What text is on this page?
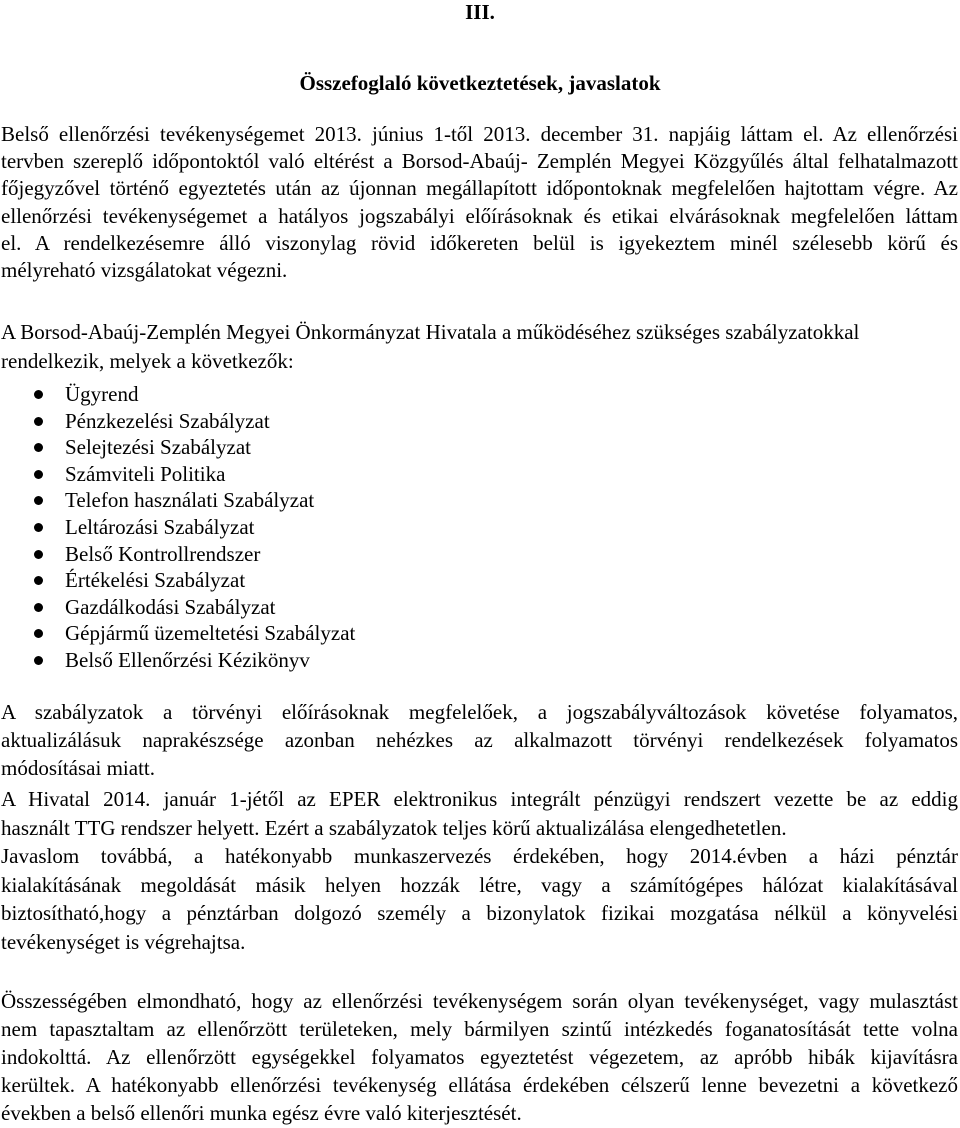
III.
Összefoglaló következtetések, javaslatok
Belső ellenőrzési tevékenységemet 2013. június 1-től 2013. december 31. napjáig láttam el. Az ellenőrzési
tervben szereplő időpontoktól való eltérést a Borsod-Abaúj- Zemplén Megyei Közgyűlés által felhatalmazott
főjegyzővel történő egyeztetés után az újonnan megállapított időpontoknak megfelelően hajtottam végre. Az
ellenőrzési tevékenységemet a hatályos jogszabályi előírásoknak és etikai elvárásoknak megfelelően láttam
el. A rendelkezésemre álló viszonylag rövid időkereten belül is igyekeztem minél szélesebb körű és
mélyreható vizsgálatokat végezni.
A Borsod-Abaúj-Zemplén Megyei Önkormányzat Hivatala a működéséhez szükséges szabályzatokkal
rendelkezik, melyek a következők:
Ügyrend
Pénzkezelési Szabályzat
Selejtezési Szabályzat
Számviteli Politika
Telefon használati Szabályzat
Leltározási Szabályzat
Belső Kontrollrendszer
Értékelési Szabályzat
Gazdálkodási Szabályzat
Gépjármű üzemeltetési Szabályzat
Belső Ellenőrzési Kézikönyv
A szabályzatok a törvényi előírásoknak megfelelőek, a jogszabályváltozások követése folyamatos,
aktualizálásuk naprakészsége azonban nehézkes az alkalmazott törvényi rendelkezések folyamatos
módosításai miatt.
A Hivatal 2014. január 1-jétől az EPER elektronikus integrált pénzügyi rendszert vezette be az eddig
használt TTG rendszer helyett. Ezért a szabályzatok teljes körű aktualizálása elengedhetetlen.
Javaslom továbbá, a hatékonyabb munkaszervezés érdekében, hogy 2014.évben a házi pénztár
kialakításának megoldását másik helyen hozzák létre, vagy a számítógépes hálózat kialakításával
biztosítható,hogy a pénztárban dolgozó személy a bizonylatok fizikai mozgatása nélkül a könyvelési
tevékenységet is végrehajtsa.
Összességében elmondható, hogy az ellenőrzési tevékenységem során olyan tevékenységet, vagy mulasztást
nem tapasztaltam az ellenőrzött területeken, mely bármilyen szintű intézkedés foganatosítását tette volna
indokolttá. Az ellenőrzött egységekkel folyamatos egyeztetést végezetem, az apróbb hibák kijavításra
kerültek. A hatékonyabb ellenőrzési tevékenység ellátása érdekében célszerű lenne bevezetni a következő
években a belső ellenőri munka egész évre való kiterjesztését.
